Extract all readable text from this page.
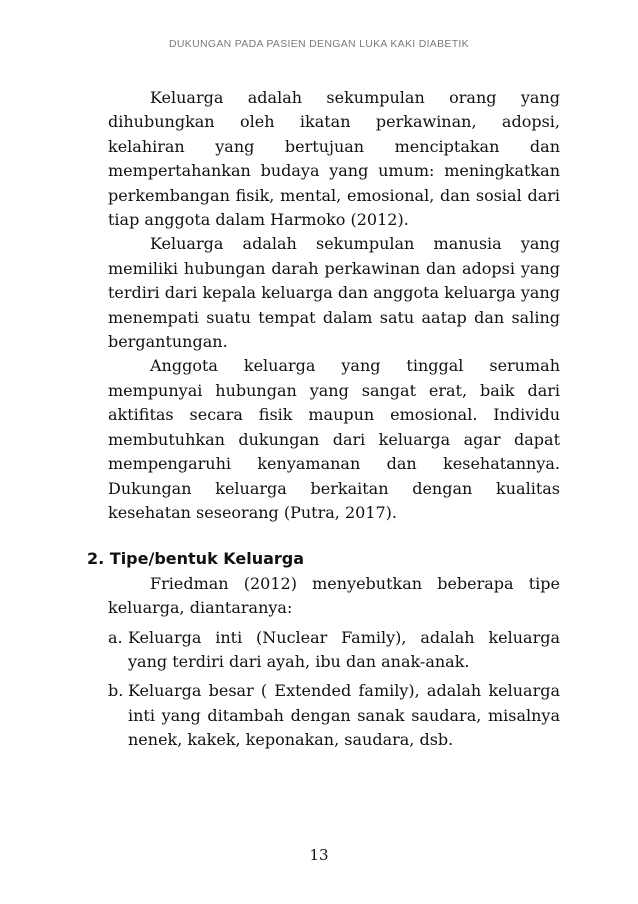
DUKUNGAN PADA PASIEN DENGAN LUKA KAKI DIABETIK

Keluarga adalah sekumpulan orang yang dihubungkan oleh ikatan perkawinan, adopsi, kelahiran yang bertujuan menciptakan dan mempertahankan budaya yang umum: meningkatkan perkembangan fisik, mental, emosional, dan sosial dari tiap anggota dalam Harmoko (2012).

Keluarga adalah sekumpulan manusia yang memiliki hubungan darah perkawinan dan adopsi yang terdiri dari kepala keluarga dan anggota keluarga yang menempati suatu tempat dalam satu aatap dan saling bergantungan.

Anggota keluarga yang tinggal serumah mempunyai hubungan yang sangat erat, baik dari aktifitas secara fisik maupun emosional. Individu membutuhkan dukungan dari keluarga agar dapat mempengaruhi kenyamanan dan kesehatannya. Dukungan keluarga berkaitan dengan kualitas kesehatan seseorang (Putra, 2017).

2. Tipe/bentuk Keluarga

Friedman (2012) menyebutkan beberapa tipe keluarga, diantaranya:

a. Keluarga inti (Nuclear Family), adalah keluarga yang terdiri dari ayah, ibu dan anak-anak.
b. Keluarga besar ( Extended family), adalah keluarga inti yang ditambah dengan sanak saudara, misalnya nenek, kakek, keponakan, saudara, dsb.
13
